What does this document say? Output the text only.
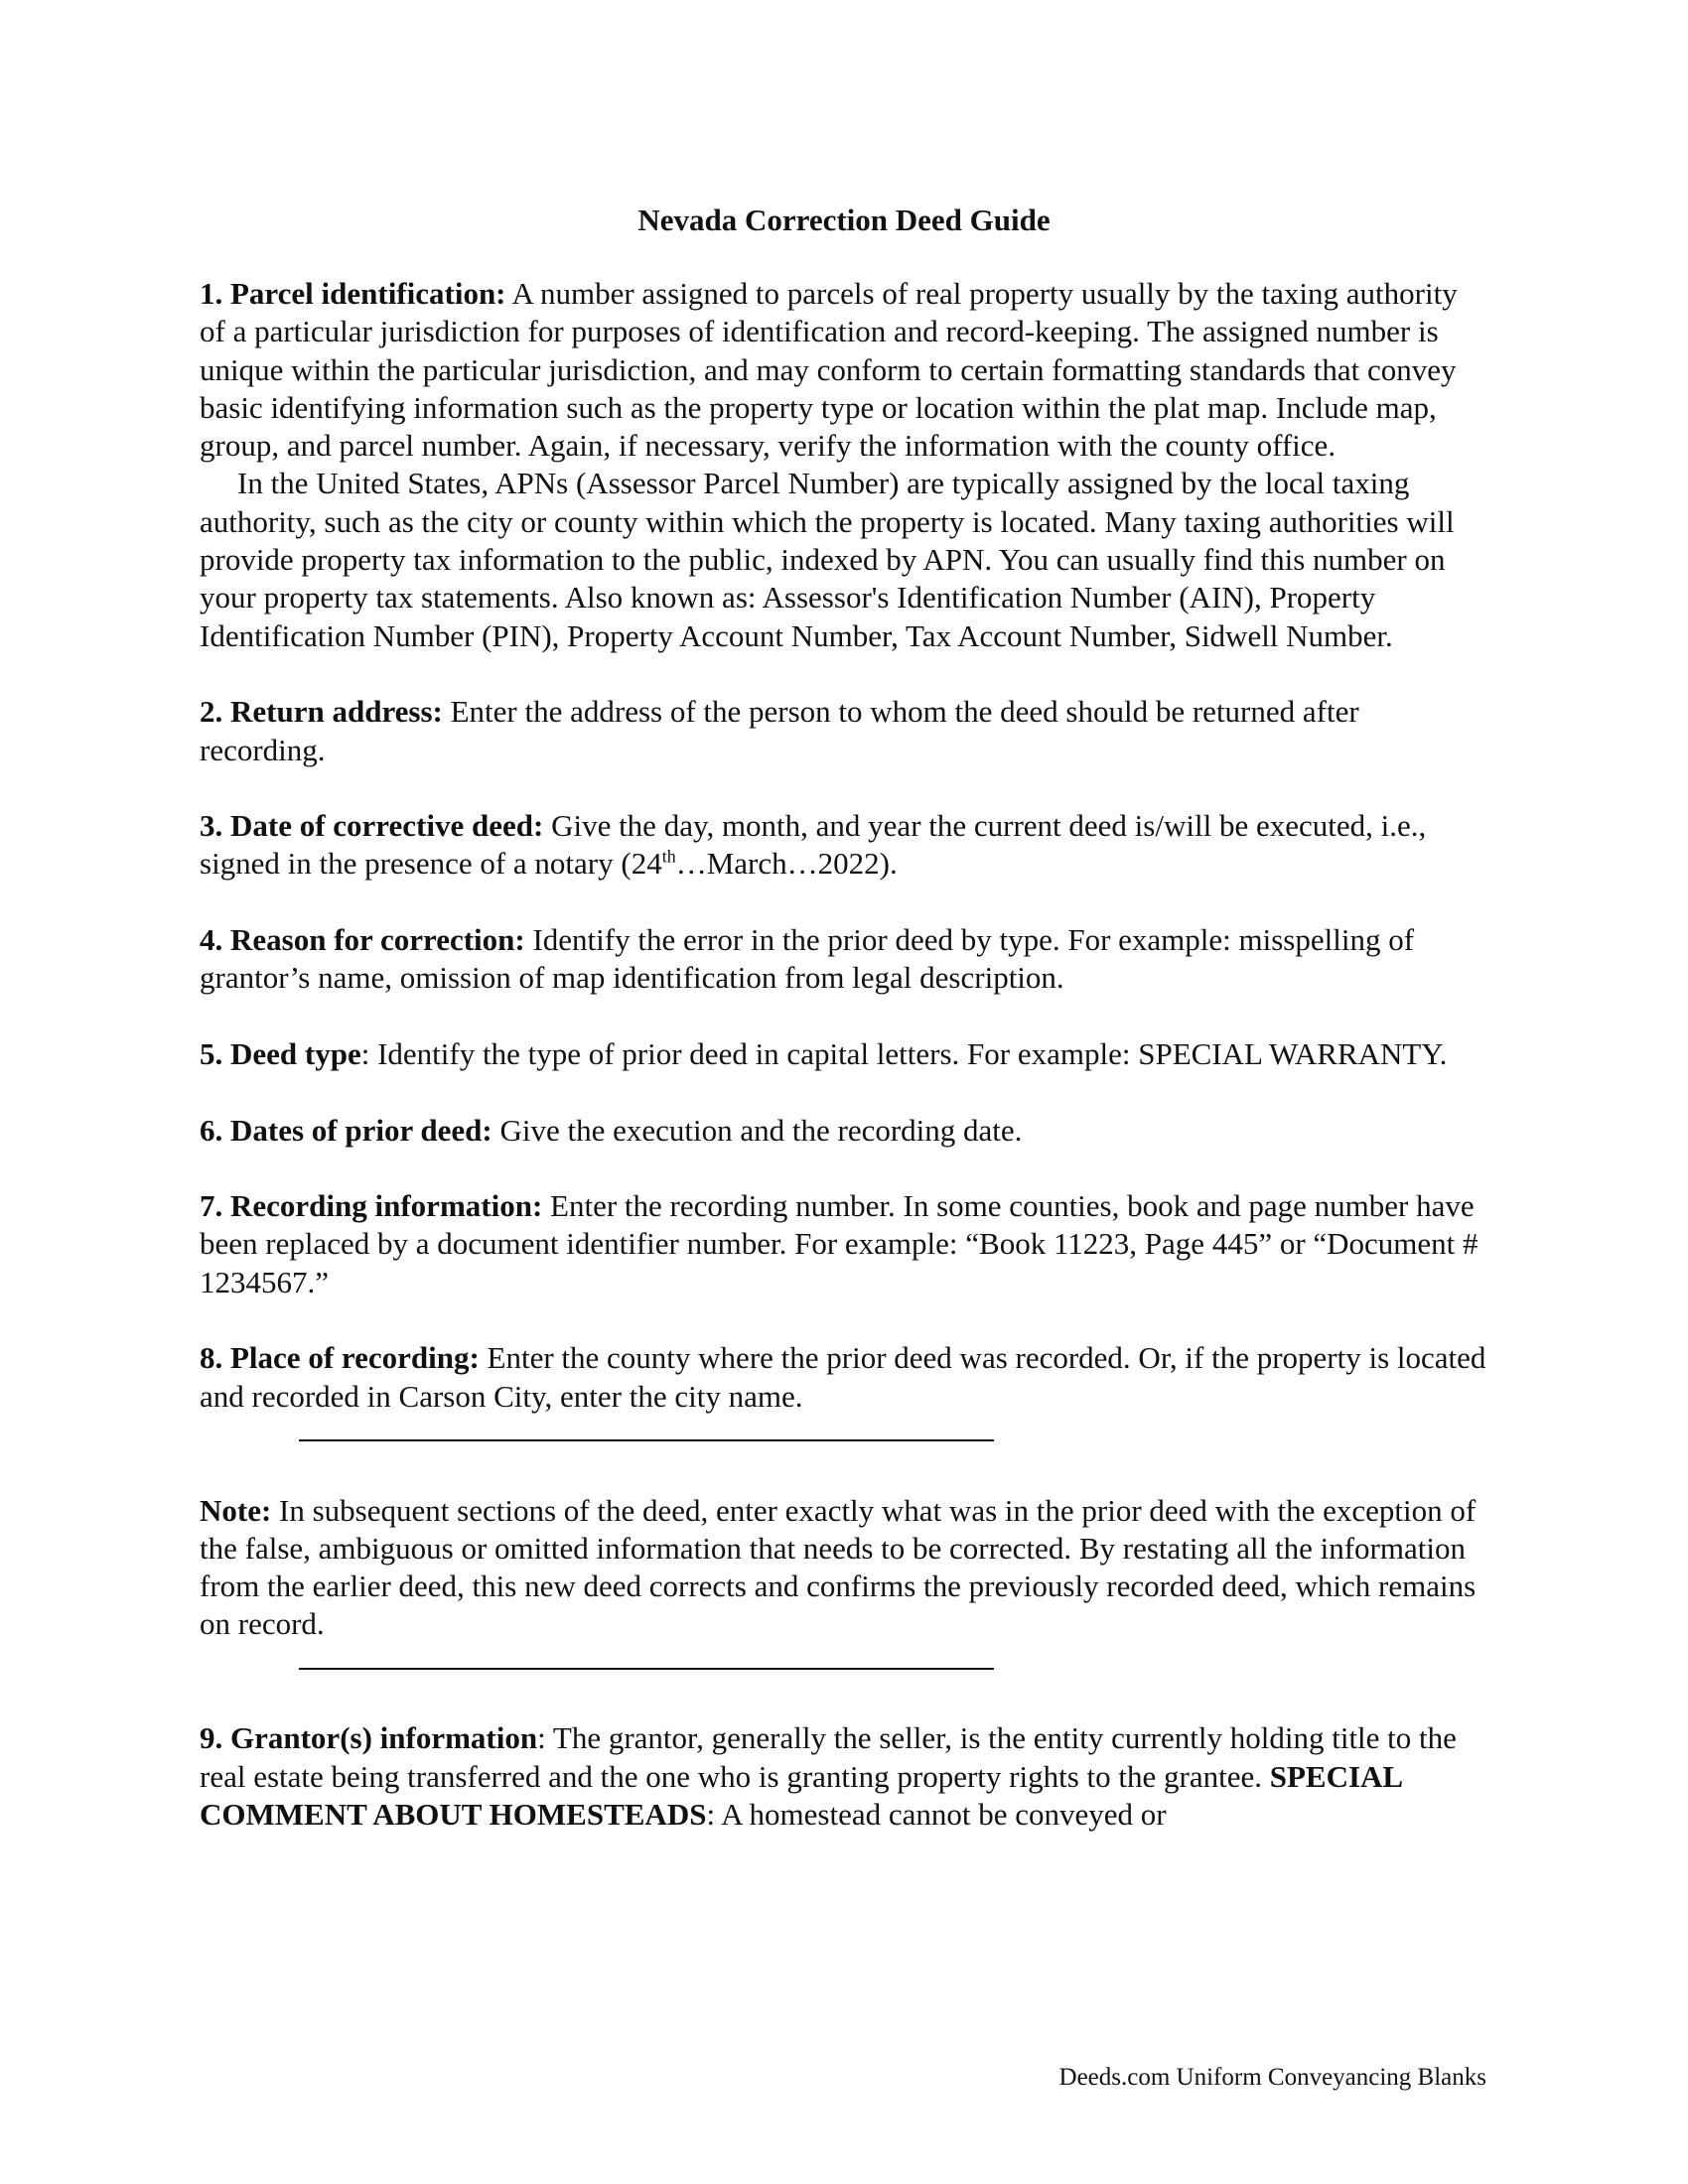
Nevada Correction Deed Guide

1. Parcel identification: A number assigned to parcels of real property usually by the taxing authority of a particular jurisdiction for purposes of identification and record-keeping. The assigned number is unique within the particular jurisdiction, and may conform to certain formatting standards that convey basic identifying information such as the property type or location within the plat map. Include map, group, and parcel number. Again, if necessary, verify the information with the county office.

In the United States, APNs (Assessor Parcel Number) are typically assigned by the local taxing authority, such as the city or county within which the property is located. Many taxing authorities will provide property tax information to the public, indexed by APN. You can usually find this number on your property tax statements. Also known as: Assessor's Identification Number (AIN), Property Identification Number (PIN), Property Account Number, Tax Account Number, Sidwell Number.

2. Return address: Enter the address of the person to whom the deed should be returned after recording.

3. Date of corrective deed: Give the day, month, and year the current deed is/will be executed, i.e., signed in the presence of a notary (24th…March…2022).

4. Reason for correction: Identify the error in the prior deed by type. For example: misspelling of grantor’s name, omission of map identification from legal description.

5. Deed type: Identify the type of prior deed in capital letters. For example: SPECIAL WARRANTY.

6. Dates of prior deed: Give the execution and the recording date.

7. Recording information: Enter the recording number. In some counties, book and page number have been replaced by a document identifier number. For example: “Book 11223, Page 445” or “Document # 1234567.”

8. Place of recording: Enter the county where the prior deed was recorded. Or, if the property is located and recorded in Carson City, enter the city name.

Note: In subsequent sections of the deed, enter exactly what was in the prior deed with the exception of the false, ambiguous or omitted information that needs to be corrected. By restating all the information from the earlier deed, this new deed corrects and confirms the previously recorded deed, which remains on record.

9. Grantor(s) information: The grantor, generally the seller, is the entity currently holding title to the real estate being transferred and the one who is granting property rights to the grantee. SPECIAL COMMENT ABOUT HOMESTEADS: A homestead cannot be conveyed or

Deeds.com Uniform Conveyancing Blanks
